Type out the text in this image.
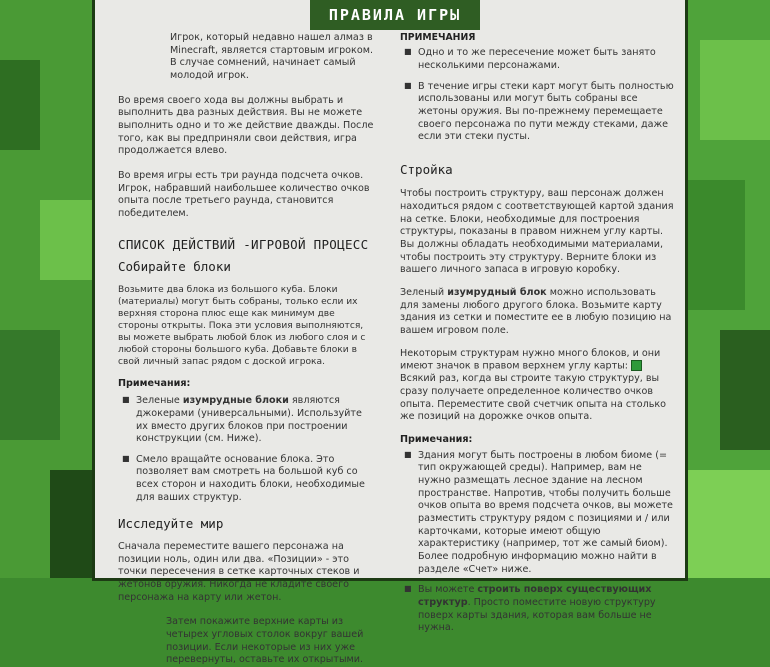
ПРАВИЛА ИГРЫ

Игрок, который недавно нашел алмаз в Minecraft, является стартовым игроком. В случае сомнений, начинает самый молодой игрок.

Во время своего хода вы должны выбрать и выполнить два разных действия. Вы не можете выполнить одно и то же действие дважды. После того, как вы предприняли свои действия, игра продолжается влево.

Во время игры есть три раунда подсчета очков. Игрок, набравший наибольшее количество очков опыта после третьего раунда, становится победителем.

СПИСОК ДЕЙСТВИЙ -ИГРОВОЙ ПРОЦЕСС

Собирайте блоки

Возьмите два блока из большого куба. Блоки (материалы) могут быть собраны, только если их верхняя сторона плюс еще как минимум две стороны открыты. Пока эти условия выполняются, вы можете выбрать любой блок из любого слоя и с любой стороны большого куба. Добавьте блоки в свой личный запас рядом с доской игрока.

Примечания:

■ Зеленые изумрудные блоки являются джокерами (универсальными). Используйте их вместо других блоков при построении конструкции (см. Ниже).
■ Смело вращайте основание блока. Это позволяет вам смотреть на большой куб со всех сторон и находить блоки, необходимые для ваших структур.

Исследуйте мир

Сначала переместите вашего персонажа на позиции ноль, один или два. «Позиции» - это точки пересечения в сетке карточных стеков и жетонов оружия. Никогда не кладите своего персонажа на карту или жетон.

Затем покажите верхние карты из четырех угловых столок вокруг вашей позиции. Если некоторые из них уже перевернуты, оставьте их открытыми.

ПРИМЕЧАНИЯ

■ Одно и то же пересечение может быть занято несколькими персонажами.
■ В течение игры стеки карт могут быть полностью использованы или могут быть собраны все жетоны оружия. Вы по-прежнему перемещаете своего персонажа по пути между стеками, даже если эти стеки пусты.

Стройка

Чтобы построить структуру, ваш персонаж должен находиться рядом с соответствующей картой здания на сетке. Блоки, необходимые для построения структуры, показаны в правом нижнем углу карты. Вы должны обладать необходимыми материалами, чтобы построить эту структуру. Верните блоки из вашего личного запаса в игровую коробку.

Зеленый изумрудный блок можно использовать для замены любого другого блока. Возьмите карту здания из сетки и поместите ее в любую позицию на вашем игровом поле.

Некоторым структурам нужно много блоков, и они имеют значок в правом верхнем углу карты:  Всякий раз, когда вы строите такую структуру, вы сразу получаете определенное количество очков опыта. Переместите свой счетчик опыта на столько же позиций на дорожке очков опыта.

Примечания:

■ Здания могут быть построены в любом биоме (= тип окружающей среды). Например, вам не нужно размещать лесное здание на лесном пространстве. Напротив, чтобы получить больше очков опыта во время подсчета очков, вы можете разместить структуру рядом с позициями и / или карточками, которые имеют общую характеристику (например, тот же самый биом). Более подробную информацию можно найти в разделе «Счет» ниже.
■ Вы можете строить поверх существующих структур. Просто поместите новую структуру поверх карты здания, которая вам больше не нужна.
